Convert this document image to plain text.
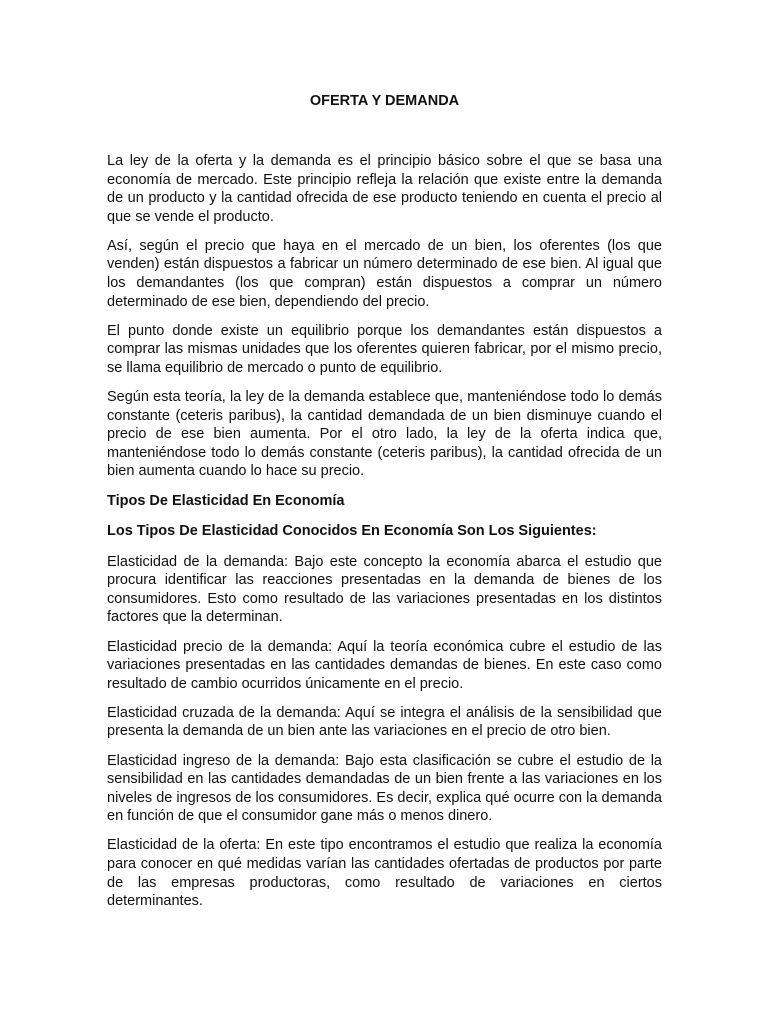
OFERTA Y DEMANDA

La ley de la oferta y la demanda es el principio básico sobre el que se basa una economía de mercado. Este principio refleja la relación que existe entre la demanda de un producto y la cantidad ofrecida de ese producto teniendo en cuenta el precio al que se vende el producto.

Así, según el precio que haya en el mercado de un bien, los oferentes (los que venden) están dispuestos a fabricar un número determinado de ese bien. Al igual que los demandantes (los que compran) están dispuestos a comprar un número determinado de ese bien, dependiendo del precio.

El punto donde existe un equilibrio porque los demandantes están dispuestos a comprar las mismas unidades que los oferentes quieren fabricar, por el mismo precio, se llama equilibrio de mercado o punto de equilibrio.

Según esta teoría, la ley de la demanda establece que, manteniéndose todo lo demás constante (ceteris paribus), la cantidad demandada de un bien disminuye cuando el precio de ese bien aumenta. Por el otro lado, la ley de la oferta indica que, manteniéndose todo lo demás constante (ceteris paribus), la cantidad ofrecida de un bien aumenta cuando lo hace su precio.

Tipos De Elasticidad En Economía
Los Tipos De Elasticidad Conocidos En Economía Son Los Siguientes:

Elasticidad de la demanda: Bajo este concepto la economía abarca el estudio que procura identificar las reacciones presentadas en la demanda de bienes de los consumidores. Esto como resultado de las variaciones presentadas en los distintos factores que la determinan.

Elasticidad precio de la demanda: Aquí la teoría económica cubre el estudio de las variaciones presentadas en las cantidades demandas de bienes. En este caso como resultado de cambio ocurridos únicamente en el precio.

Elasticidad cruzada de la demanda: Aquí se integra el análisis de la sensibilidad que presenta la demanda de un bien ante las variaciones en el precio de otro bien.

Elasticidad ingreso de la demanda: Bajo esta clasificación se cubre el estudio de la sensibilidad en las cantidades demandadas de un bien frente a las variaciones en los niveles de ingresos de los consumidores. Es decir, explica qué ocurre con la demanda en función de que el consumidor gane más o menos dinero.

Elasticidad de la oferta: En este tipo encontramos el estudio que realiza la economía para conocer en qué medidas varían las cantidades ofertadas de productos por parte de las empresas productoras, como resultado de variaciones en ciertos determinantes.
